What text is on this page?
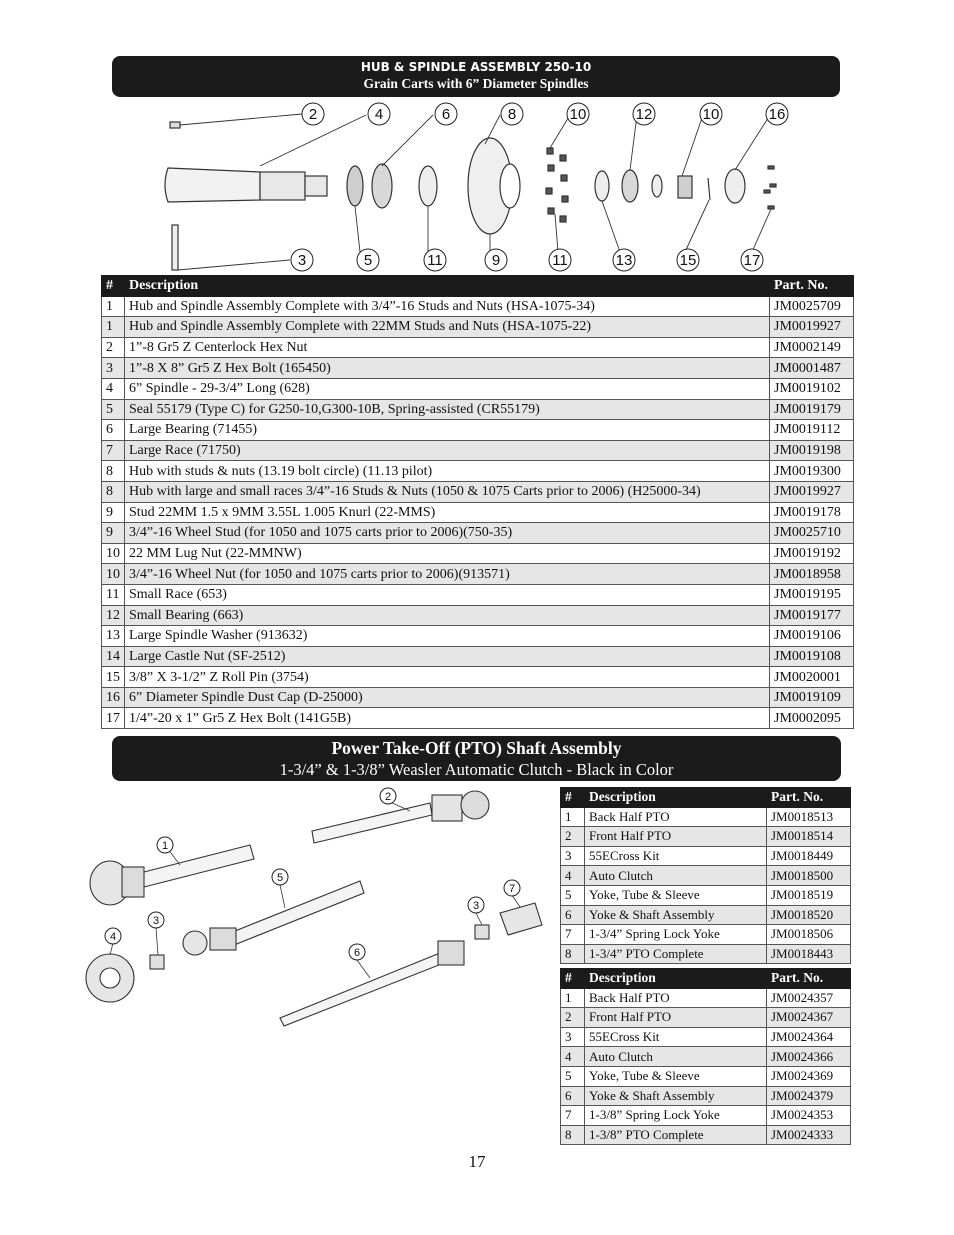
HUB & SPINDLE ASSEMBLY 250-10
Grain Carts with 6” Diameter Spindles
2	4	6	8	10	12	10	16
3	5	11	9	11	13	15	17
#	Description	Part. No.
1	Hub and Spindle Assembly Complete with 3/4”-16 Studs and Nuts (HSA-1075-34)	JM0025709
1	Hub and Spindle Assembly Complete with 22MM Studs and Nuts (HSA-1075-22)	JM0019927
2	1”-8 Gr5 Z Centerlock Hex Nut	JM0002149
3	1”-8 X 8” Gr5 Z Hex Bolt (165450)	JM0001487
4	6” Spindle - 29-3/4” Long (628)	JM0019102
5	Seal 55179 (Type C) for G250-10,G300-10B, Spring-assisted (CR55179)	JM0019179
6	Large Bearing (71455)	JM0019112
7	Large Race (71750)	JM0019198
8	Hub with studs & nuts (13.19 bolt circle) (11.13 pilot)	JM0019300
8	Hub with large and small races 3/4”-16 Studs & Nuts (1050 & 1075 Carts prior to 2006) (H25000-34)	JM0019927
9	Stud 22MM 1.5 x 9MM 3.55L 1.005 Knurl (22-MMS)	JM0019178
9	3/4”-16 Wheel Stud (for 1050 and 1075 carts prior to 2006)(750-35)	JM0025710
10	22 MM Lug Nut (22-MMNW)	JM0019192
10	3/4”-16 Wheel Nut (for 1050 and 1075 carts prior to 2006)(913571)	JM0018958
11	Small Race (653)	JM0019195
12	Small Bearing (663)	JM0019177
13	Large Spindle Washer (913632)	JM0019106
14	Large Castle Nut (SF-2512)	JM0019108
15	3/8” X 3-1/2” Z Roll Pin (3754)	JM0020001
16	6” Diameter Spindle Dust Cap (D-25000)	JM0019109
17	1/4”-20 x 1” Gr5 Z Hex Bolt (141G5B)	JM0002095
Power Take-Off (PTO) Shaft Assembly
1-3/4” & 1-3/8” Weasler Automatic Clutch - Black in Color
1
2
3
3
4
5
6
7
#	Description	Part. No.
1	Back Half PTO	JM0018513
2	Front Half PTO	JM0018514
3	55ECross Kit	JM0018449
4	Auto Clutch	JM0018500
5	Yoke, Tube & Sleeve	JM0018519
6	Yoke & Shaft Assembly	JM0018520
7	1-3/4” Spring Lock Yoke	JM0018506
8	1-3/4” PTO Complete	JM0018443
#	Description	Part. No.
1	Back Half PTO	JM0024357
2	Front Half PTO	JM0024367
3	55ECross Kit	JM0024364
4	Auto Clutch	JM0024366
5	Yoke, Tube & Sleeve	JM0024369
6	Yoke & Shaft Assembly	JM0024379
7	1-3/8” Spring Lock Yoke	JM0024353
8	1-3/8” PTO Complete	JM0024333
17
